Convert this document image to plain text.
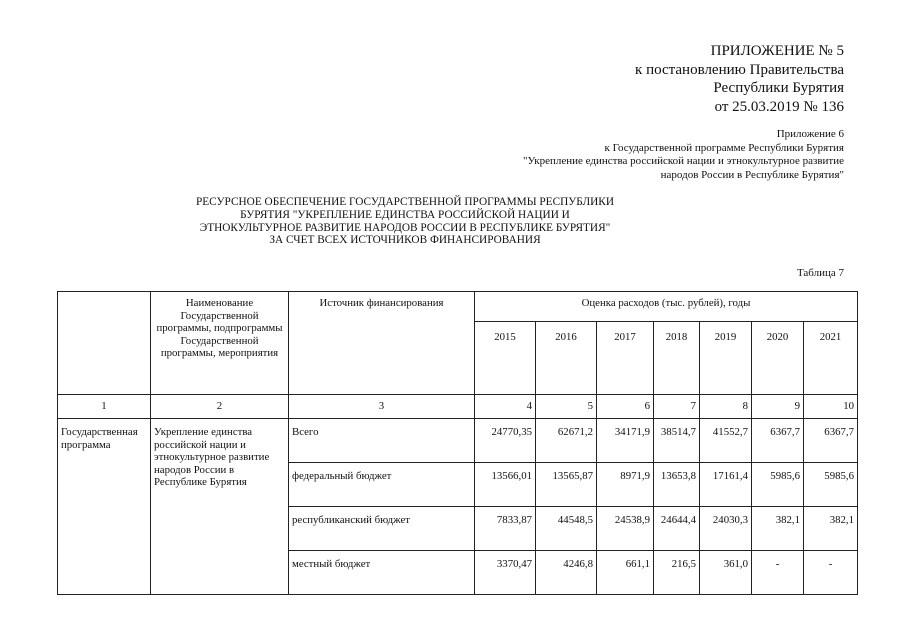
ПРИЛОЖЕНИЕ № 5
к постановлению Правительства
Республики Бурятия
от 25.03.2019 № 136
Приложение 6
к Государственной программе Республики Бурятия
"Укрепление единства российской нации и этнокультурное развитие
народов России в Республике Бурятия"
РЕСУРСНОЕ ОБЕСПЕЧЕНИЕ ГОСУДАРСТВЕННОЙ ПРОГРАММЫ РЕСПУБЛИКИ
БУРЯТИЯ "УКРЕПЛЕНИЕ ЕДИНСТВА РОССИЙСКОЙ НАЦИИ И
ЭТНОКУЛЬТУРНОЕ РАЗВИТИЕ НАРОДОВ РОССИИ В РЕСПУБЛИКЕ БУРЯТИЯ"
ЗА СЧЕТ ВСЕХ ИСТОЧНИКОВ ФИНАНСИРОВАНИЯ
Таблица 7
	Наименование Государственной программы, подпрограммы Государственной программы, мероприятия	Источник финансирования	Оценка расходов (тыс. рублей), годы						
			2015	2016	2017	2018	2019	2020	2021
1	2	3	4	5	6	7	8	9	10
Государственная программа	Укрепление единства российской нации и этнокультурное развитие народов России в Республике Бурятия	Всего	24770,35	62671,2	34171,9	38514,7	41552,7	6367,7	6367,7
		федеральный бюджет	13566,01	13565,87	8971,9	13653,8	17161,4	5985,6	5985,6
		республиканский бюджет	7833,87	44548,5	24538,9	24644,4	24030,3	382,1	382,1
		местный бюджет	3370,47	4246,8	661,1	216,5	361,0	-	-
